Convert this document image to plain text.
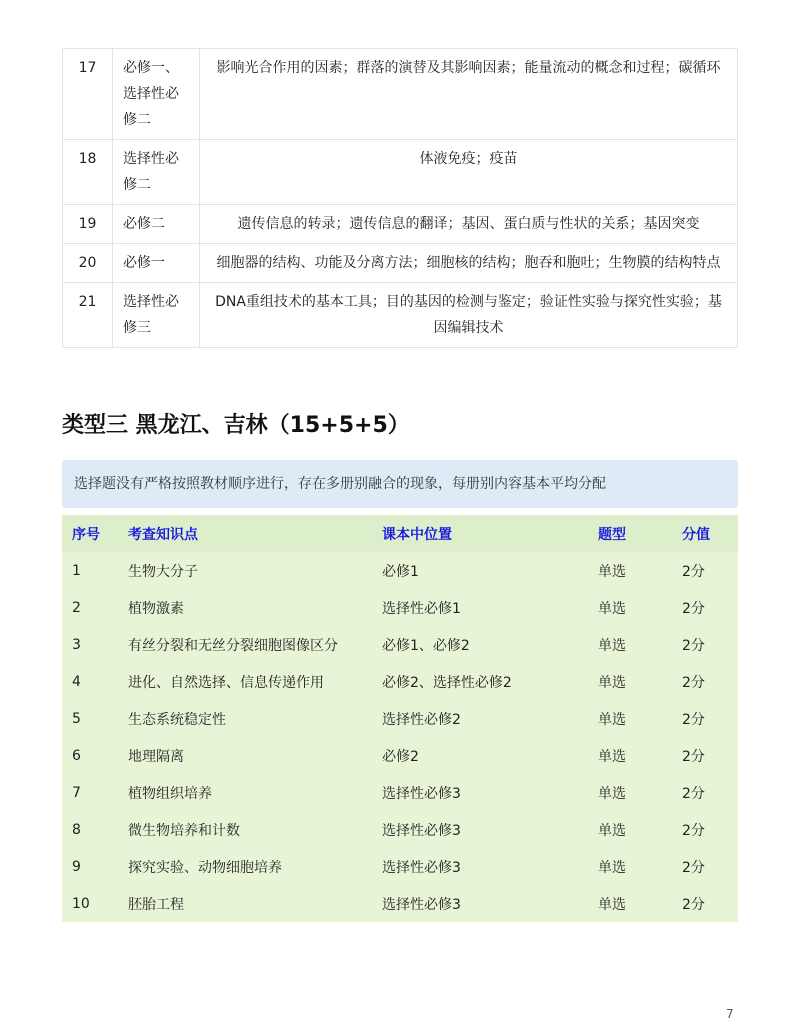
17	必修一、
选择性必
修二	影响光合作用的因素；群落的演替及其影响因素；能量流动的概念和过程；碳循环
18	选择性必
修二	体液免疫；疫苗
19	必修二	遗传信息的转录；遗传信息的翻译；基因、蛋白质与性状的关系；基因突变
20	必修一	细胞器的结构、功能及分离方法；细胞核的结构；胞吞和胞吐；生物膜的结构特点
21	选择性必
修三	DNA重组技术的基本工具；目的基因的检测与鉴定；验证性实验与探究性实验；基因编辑技术
类型三 黑龙江、吉林（15+5+5）
选择题没有严格按照教材顺序进行，存在多册别融合的现象，每册别内容基本平均分配
序号	考查知识点	课本中位置	题型	分值
1	生物大分子	必修1	单选	2分
2	植物激素	选择性必修1	单选	2分
3	有丝分裂和无丝分裂细胞图像区分	必修1、必修2	单选	2分
4	进化、自然选择、信息传递作用	必修2、选择性必修2	单选	2分
5	生态系统稳定性	选择性必修2	单选	2分
6	地理隔离	必修2	单选	2分
7	植物组织培养	选择性必修3	单选	2分
8	微生物培养和计数	选择性必修3	单选	2分
9	探究实验、动物细胞培养	选择性必修3	单选	2分
10	胚胎工程	选择性必修3	单选	2分
7
